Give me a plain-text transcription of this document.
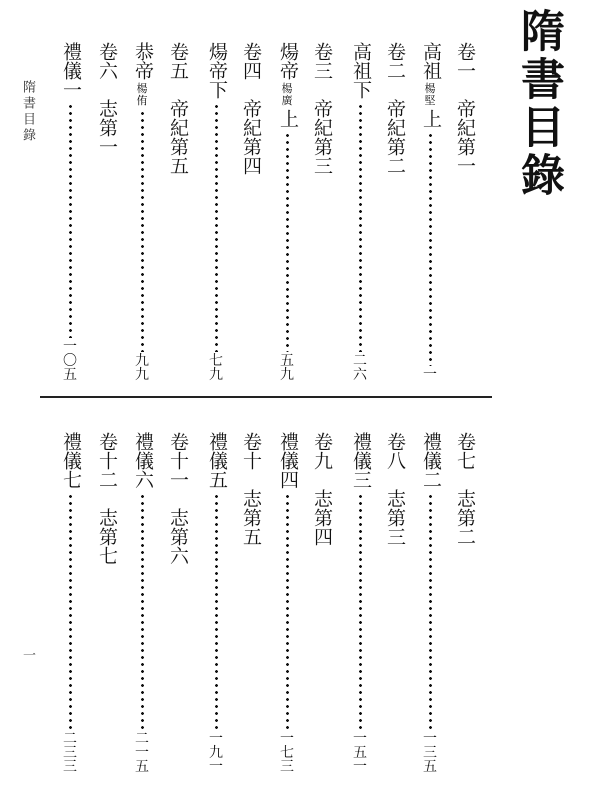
隋書目錄
隋書目錄
一
卷一　帝紀第一
高祖
楊
堅
上
一
卷二　帝紀第二
高祖下
二
六
卷三　帝紀第三
煬帝
楊
廣
上
五
九
卷四　帝紀第四
煬帝下
七
九
卷五　帝紀第五
恭帝
楊
侑
九
九
卷六　志第一
禮儀一
一
〇
五
卷七　志第二
禮儀二
一
三
五
卷八　志第三
禮儀三
一
五
一
卷九　志第四
禮儀四
一
七
三
卷十　志第五
禮儀五
一
九
一
卷十一　志第六
禮儀六
二
一
五
卷十二　志第七
禮儀七
二
三
三
